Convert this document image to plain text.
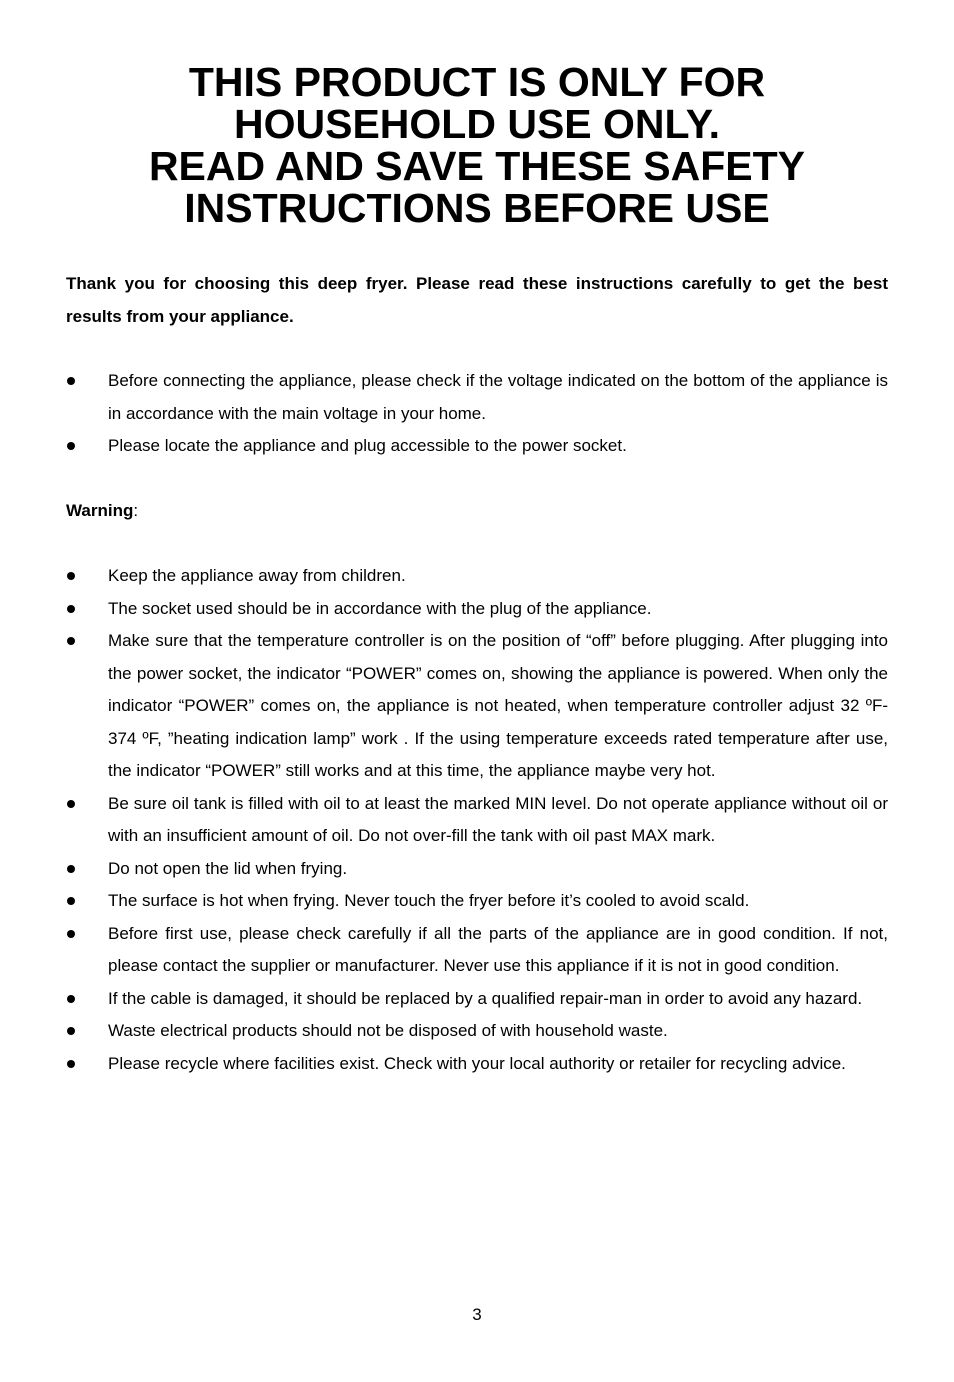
THIS PRODUCT IS ONLY FOR
HOUSEHOLD USE ONLY.
READ AND SAVE THESE SAFETY
INSTRUCTIONS BEFORE USE
Thank you for choosing this deep fryer. Please read these instructions carefully to get the best results from your appliance.
Before connecting the appliance, please check if the voltage indicated on the bottom of the appliance is in accordance with the main voltage in your home.
Please locate the appliance and plug accessible to the power socket.
Warning:
Keep the appliance away from children.
The socket used should be in accordance with the plug of the appliance.
Make sure that the temperature controller is on the position of “off” before plugging. After plugging into the power socket, the indicator “POWER” comes on, showing the appliance is powered. When only the indicator “POWER” comes on, the appliance is not heated, when temperature controller adjust 32 ºF-374 ºF, ”heating indication lamp” work . If the using temperature exceeds rated temperature after use, the indicator “POWER” still works and at this time, the appliance maybe very hot.
Be sure oil tank is filled with oil to at least the marked MIN level. Do not operate appliance without oil or with an insufficient amount of oil. Do not over-fill the tank with oil past MAX mark.
Do not open the lid when frying.
The surface is hot when frying. Never touch the fryer before it’s cooled to avoid scald.
Before first use, please check carefully if all the parts of the appliance are in good condition. If not, please contact the supplier or manufacturer. Never use this appliance if it is not in good condition.
If the cable is damaged, it should be replaced by a qualified repair-man in order to avoid any hazard.
Waste electrical products should not be disposed of with household waste.
Please recycle where facilities exist. Check with your local authority or retailer for recycling advice.
3
